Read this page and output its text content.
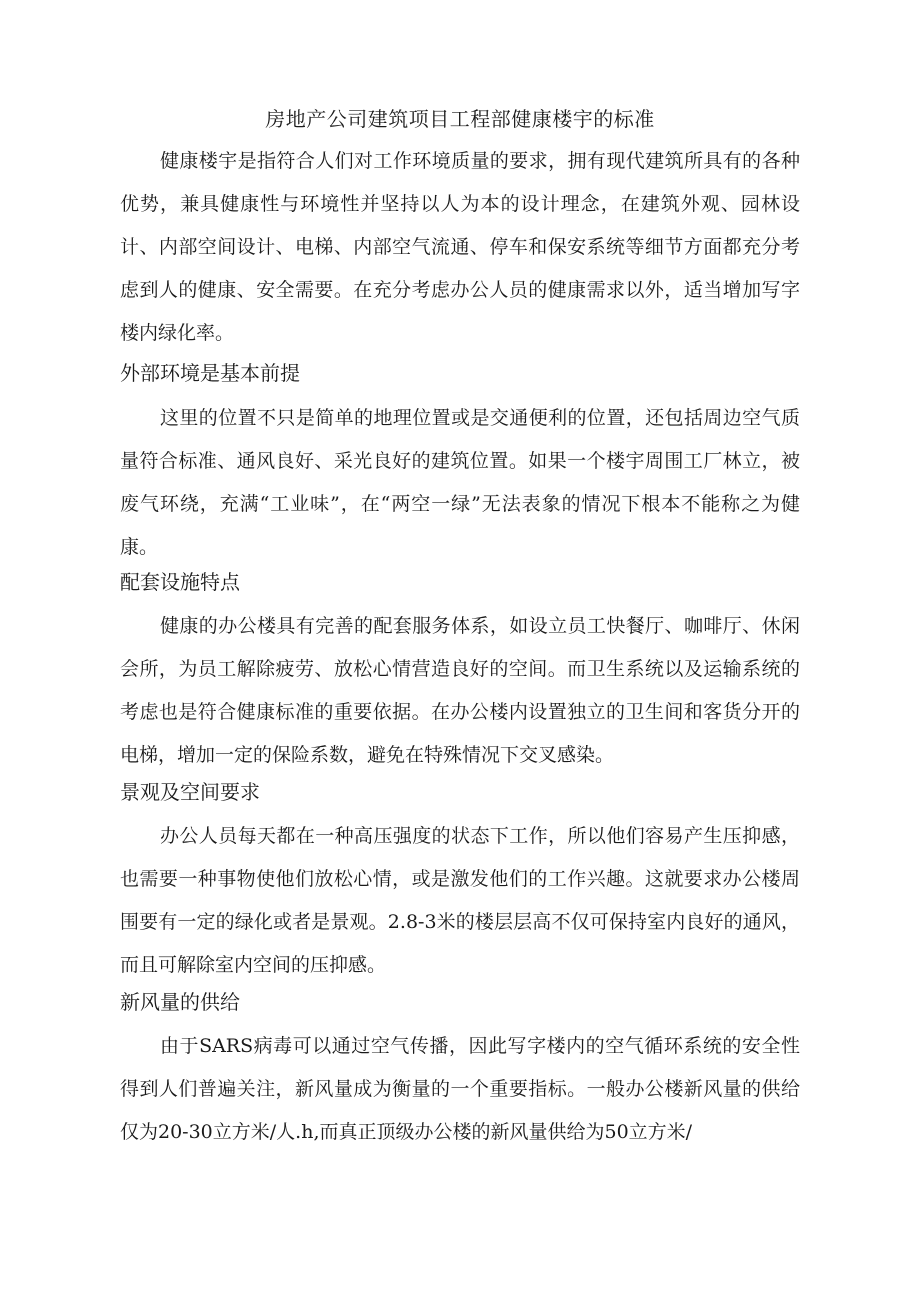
房地产公司建筑项目工程部健康楼宇的标准

健康楼宇是指符合人们对工作环境质量的要求，拥有现代建筑所具有的各种优势，兼具健康性与环境性并坚持以人为本的设计理念，在建筑外观、园林设计、内部空间设计、电梯、内部空气流通、停车和保安系统等细节方面都充分考虑到人的健康、安全需要。在充分考虑办公人员的健康需求以外，适当增加写字楼内绿化率。

外部环境是基本前提

这里的位置不只是简单的地理位置或是交通便利的位置，还包括周边空气质量符合标准、通风良好、采光良好的建筑位置。如果一个楼宇周围工厂林立，被废气环绕，充满“工业味”，在“两空一绿”无法表象的情况下根本不能称之为健康。

配套设施特点

健康的办公楼具有完善的配套服务体系，如设立员工快餐厅、咖啡厅、休闲会所，为员工解除疲劳、放松心情营造良好的空间。而卫生系统以及运输系统的考虑也是符合健康标准的重要依据。在办公楼内设置独立的卫生间和客货分开的电梯，增加一定的保险系数，避免在特殊情况下交叉感染。

景观及空间要求

办公人员每天都在一种高压强度的状态下工作，所以他们容易产生压抑感，也需要一种事物使他们放松心情，或是激发他们的工作兴趣。这就要求办公楼周围要有一定的绿化或者是景观。2.8-3米的楼层层高不仅可保持室内良好的通风，而且可解除室内空间的压抑感。

新风量的供给

由于SARS病毒可以通过空气传播，因此写字楼内的空气循环系统的安全性得到人们普遍关注，新风量成为衡量的一个重要指标。一般办公楼新风量的供给仅为20-30立方米/人.h,而真正顶级办公楼的新风量供给为50立方米/
